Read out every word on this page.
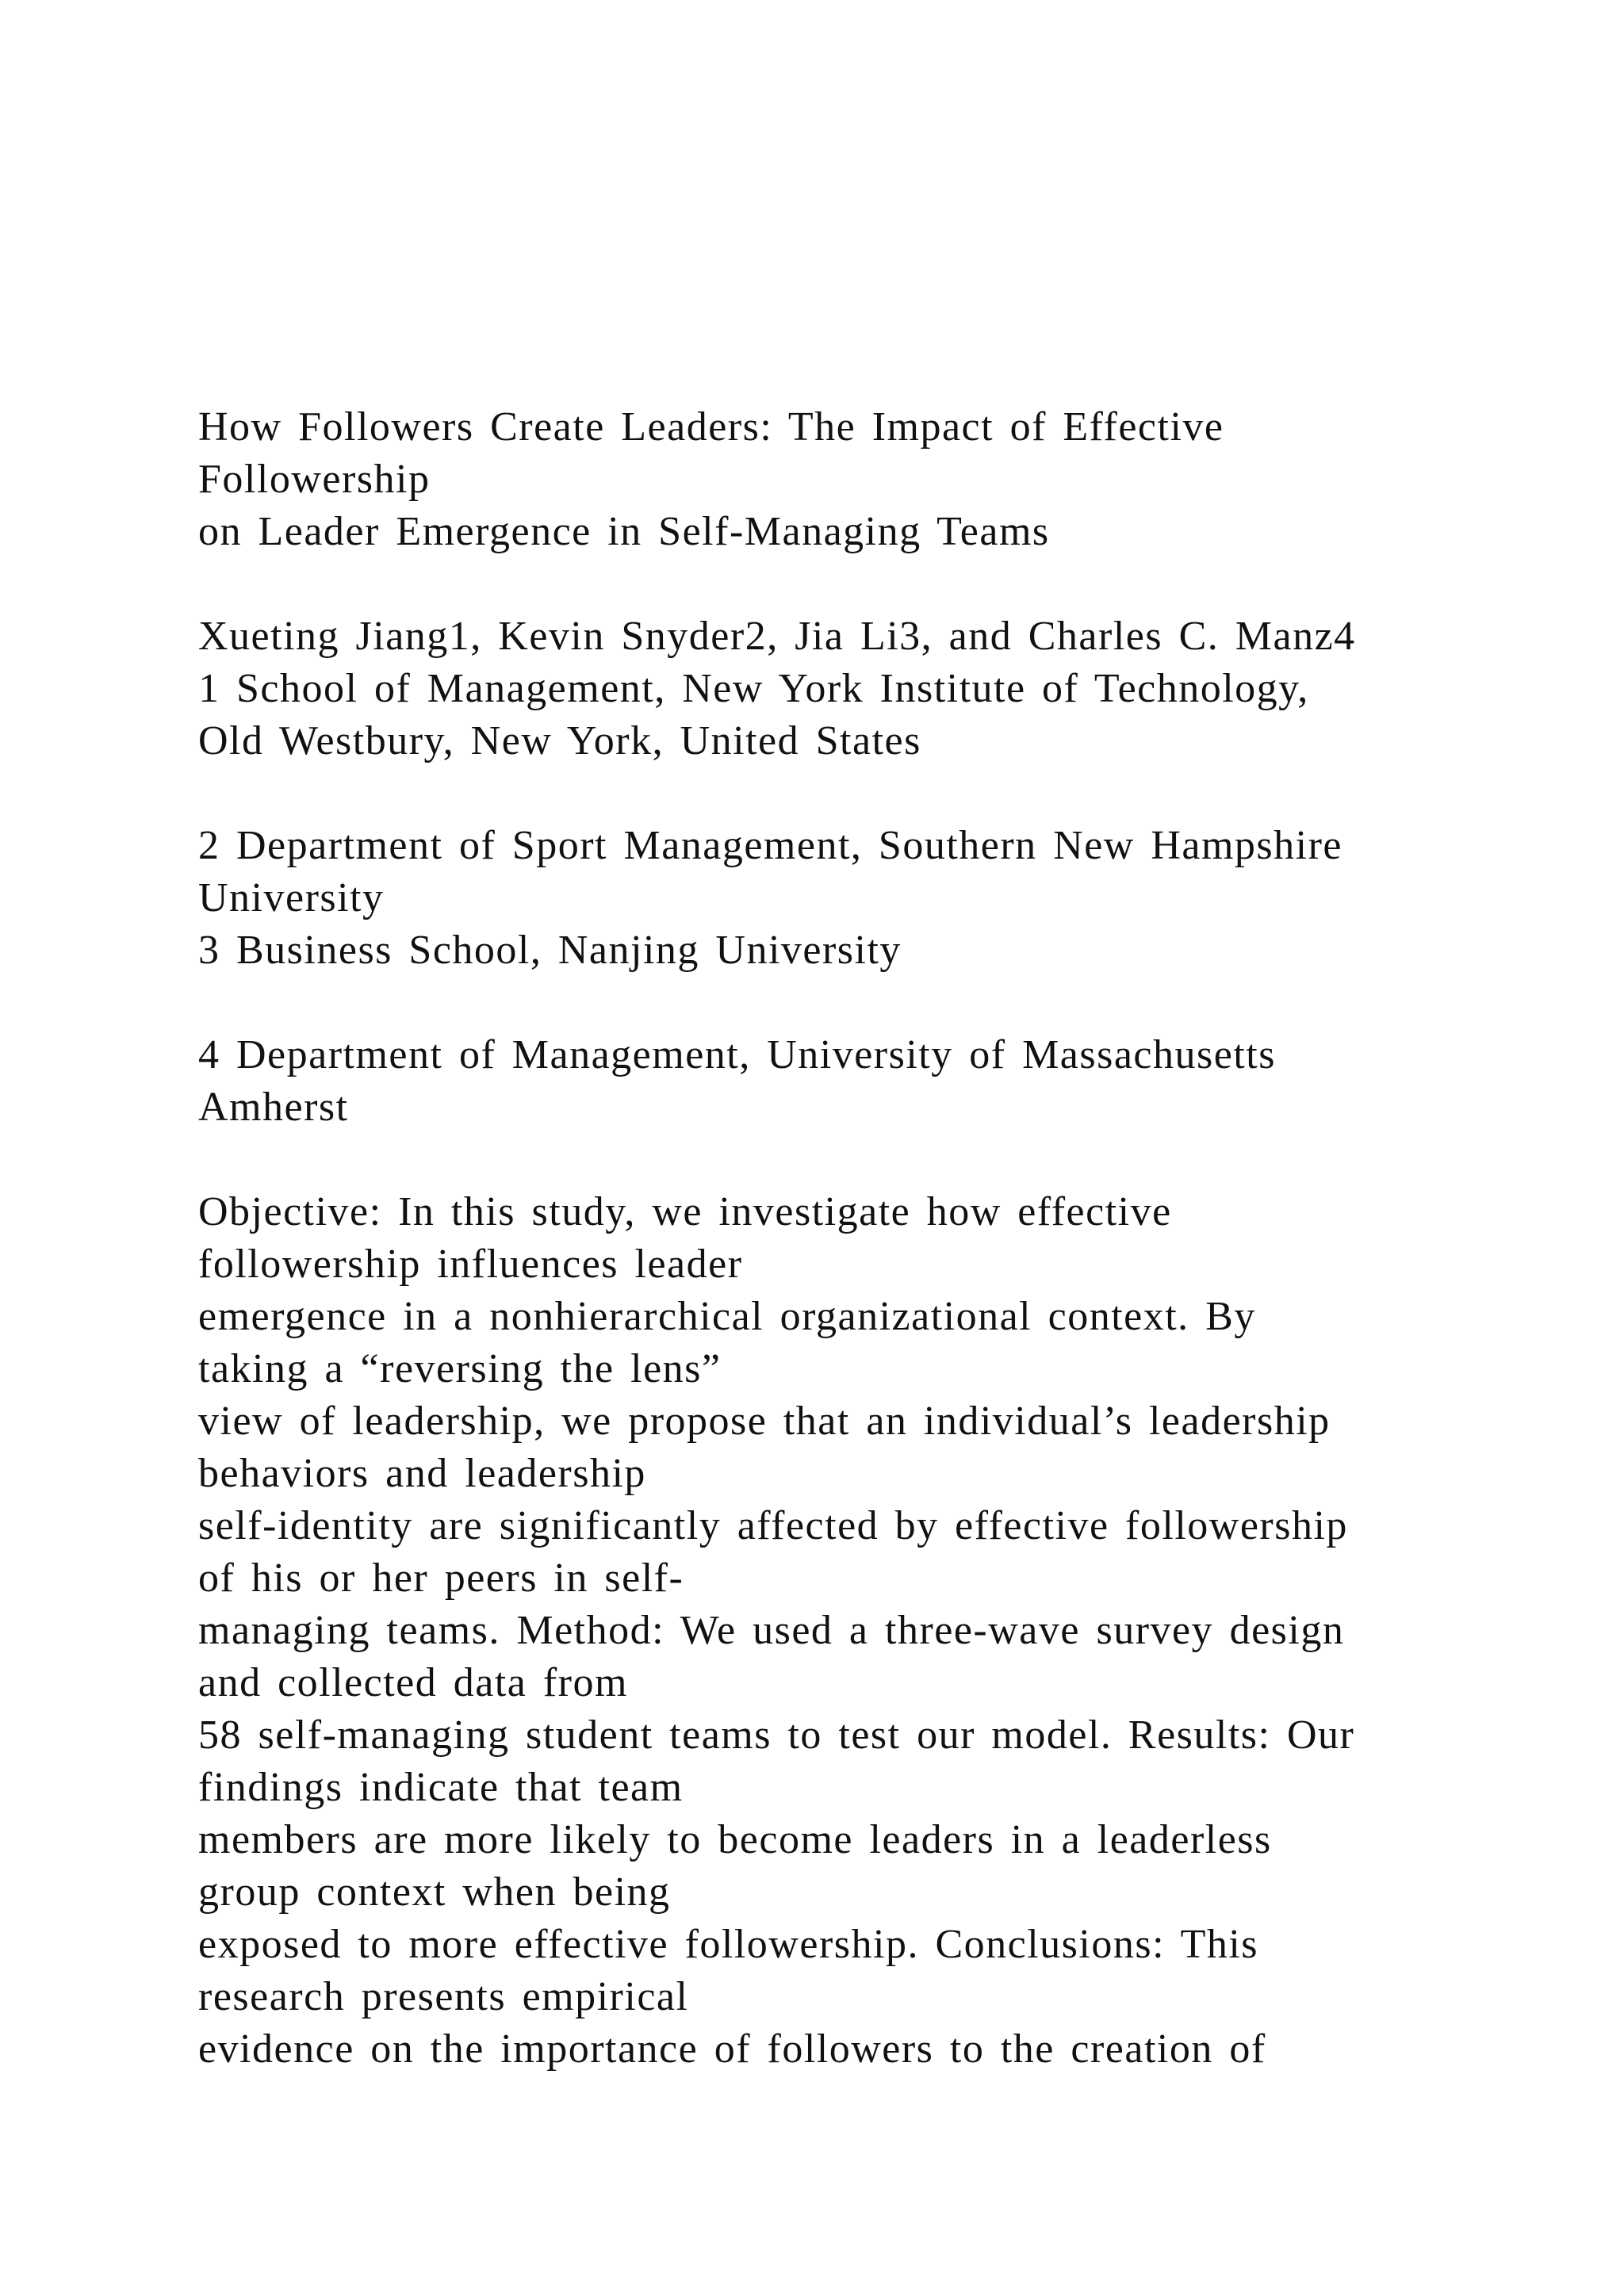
How Followers Create Leaders: The Impact of Effective
Followership
on Leader Emergence in Self-Managing Teams
Xueting Jiang1, Kevin Snyder2, Jia Li3, and Charles C. Manz4
1 School of Management, New York Institute of Technology,
Old Westbury, New York, United States
2 Department of Sport Management, Southern New Hampshire
University
3 Business School, Nanjing University
4 Department of Management, University of Massachusetts
Amherst
Objective: In this study, we investigate how effective
followership influences leader
emergence in a nonhierarchical organizational context. By
taking a “reversing the lens”
view of leadership, we propose that an individual’s leadership
behaviors and leadership
self-identity are significantly affected by effective followership
of his or her peers in self-
managing teams. Method: We used a three-wave survey design
and collected data from
58 self-managing student teams to test our model. Results: Our
findings indicate that team
members are more likely to become leaders in a leaderless
group context when being
exposed to more effective followership. Conclusions: This
research presents empirical
evidence on the importance of followers to the creation of
